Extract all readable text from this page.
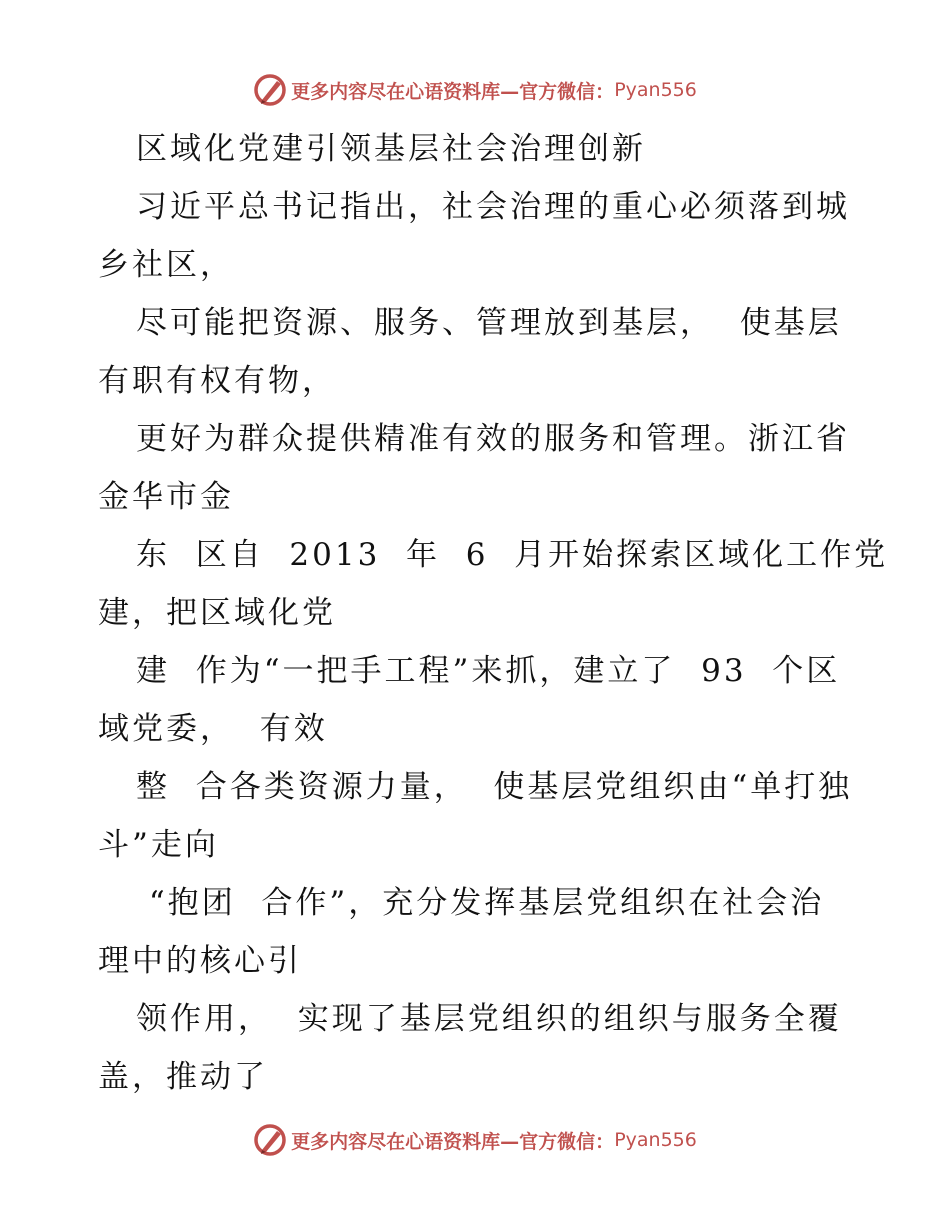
更多内容尽在心语资料库 —官方微信： Pyan556
区域化党建引领基层社会治理创新
习近平总书记指出，社会治理的重心必须落到城
乡社区，
尽可能把资源、服务、管理放到基层，  使基层
有职有权有物，
更好为群众提供精准有效的服务和管理。浙江省
金华市金
东  区自  2013  年  6  月开始探索区域化工作党
建，把区域化党
建  作为“一把手工程”来抓，建立了  93  个区
域党委，  有效
整  合各类资源力量，  使基层党组织由“单打独
斗”走向
“抱团  合作”，充分发挥基层党组织在社会治
理中的核心引
领作用，  实现了基层党组织的组织与服务全覆
盖，推动了
更多内容尽在心语资料库 —官方微信： Pyan556
